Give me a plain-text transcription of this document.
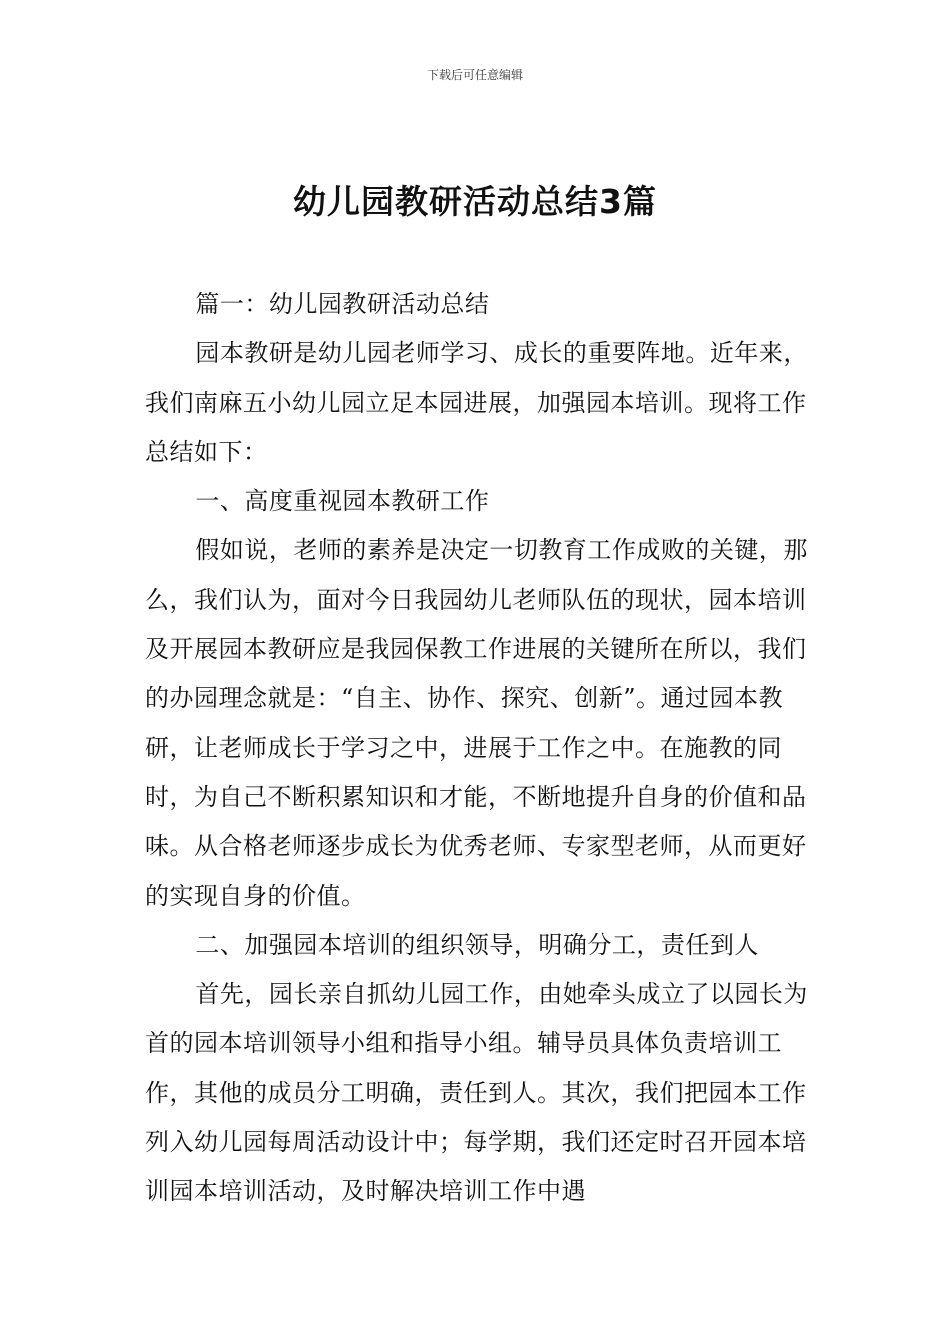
下载后可任意编辑
幼儿园教研活动总结3篇

篇一：幼儿园教研活动总结

园本教研是幼儿园老师学习、成长的重要阵地。近年来，我们南麻五小幼儿园立足本园进展，加强园本培训。现将工作总结如下：

一、高度重视园本教研工作

假如说，老师的素养是决定一切教育工作成败的关键，那么，我们认为，面对今日我园幼儿老师队伍的现状，园本培训及开展园本教研应是我园保教工作进展的关键所在所以，我们的办园理念就是：“自主、协作、探究、创新”。通过园本教研，让老师成长于学习之中，进展于工作之中。在施教的同时，为自己不断积累知识和才能，不断地提升自身的价值和品味。从合格老师逐步成长为优秀老师、专家型老师，从而更好的实现自身的价值。

二、加强园本培训的组织领导，明确分工，责任到人

首先，园长亲自抓幼儿园工作，由她牵头成立了以园长为首的园本培训领导小组和指导小组。辅导员具体负责培训工作，其他的成员分工明确，责任到人。其次，我们把园本工作列入幼儿园每周活动设计中；每学期，我们还定时召开园本培训园本培训活动，及时解决培训工作中遇
